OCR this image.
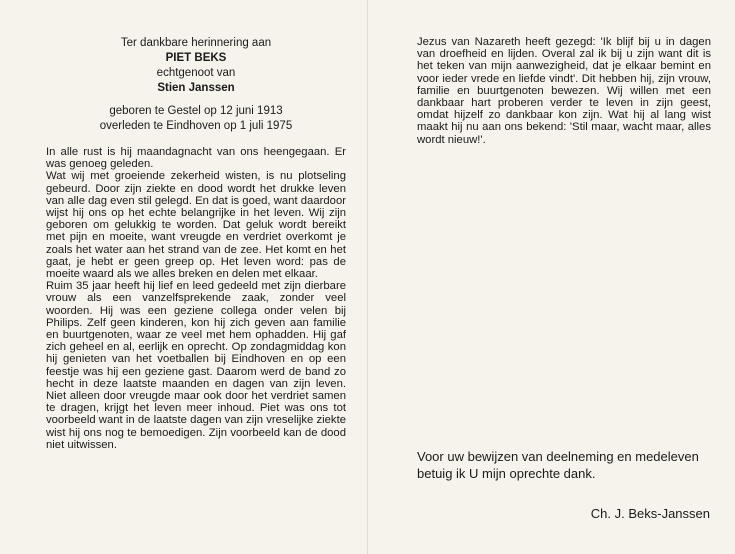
Ter dankbare herinnering aan
PIET BEKS
echtgenoot van
Stien Janssen
geboren te Gestel op 12 juni 1913
overleden te Eindhoven op 1 juli 1975

In alle rust is hij maandagnacht van ons heengegaan. Er was genoeg geleden.

Wat wij met groeiende zekerheid wisten, is nu plotseling gebeurd. Door zijn ziekte en dood wordt het drukke leven van alle dag even stil gelegd. En dat is goed, want daardoor wijst hij ons op het echte belangrijke in het leven. Wij zijn geboren om gelukkig te worden. Dat geluk wordt bereikt met pijn en moeite, want vreugde en verdriet overkomt je zoals het water aan het strand van de zee. Het komt en het gaat, je hebt er geen greep op. Het leven word: pas de moeite waard als we alles breken en delen met elkaar.

Ruim 35 jaar heeft hij lief en leed gedeeld met zijn dierbare vrouw als een vanzelfsprekende zaak, zonder veel woorden. Hij was een geziene collega onder velen bij Philips. Zelf geen kinderen, kon hij zich geven aan familie en buurtgenoten, waar ze veel met hem ophadden. Hij gaf zich geheel en al, eerlijk en oprecht. Op zondagmiddag kon hij genieten van het voetballen bij Eindhoven en op een feestje was hij een geziene gast. Daarom werd de band zo hecht in deze laatste maanden en dagen van zijn leven. Niet alleen door vreugde maar ook door het verdriet samen te dragen, krijgt het leven meer inhoud. Piet was ons tot voorbeeld want in de laatste dagen van zijn vreselijke ziekte wist hij ons nog te bemoedigen. Zijn voorbeeld kan de dood niet uitwissen.

Jezus van Nazareth heeft gezegd: 'Ik blijf bij u in dagen van droefheid en lijden. Overal zal ik bij u zijn want dit is het teken van mijn aanwezigheid, dat je elkaar bemint en voor ieder vrede en liefde vindt'. Dit hebben hij, zijn vrouw, familie en buurtgenoten bewezen. Wij willen met een dankbaar hart proberen verder te leven in zijn geest, omdat hijzelf zo dankbaar kon zijn. Wat hij al lang wist maakt hij nu aan ons bekend: 'Stil maar, wacht maar, alles wordt nieuw!'.
Voor uw bewijzen van deelneming en medeleven betuig ik U mijn oprechte dank.
Ch. J. Beks-Janssen
